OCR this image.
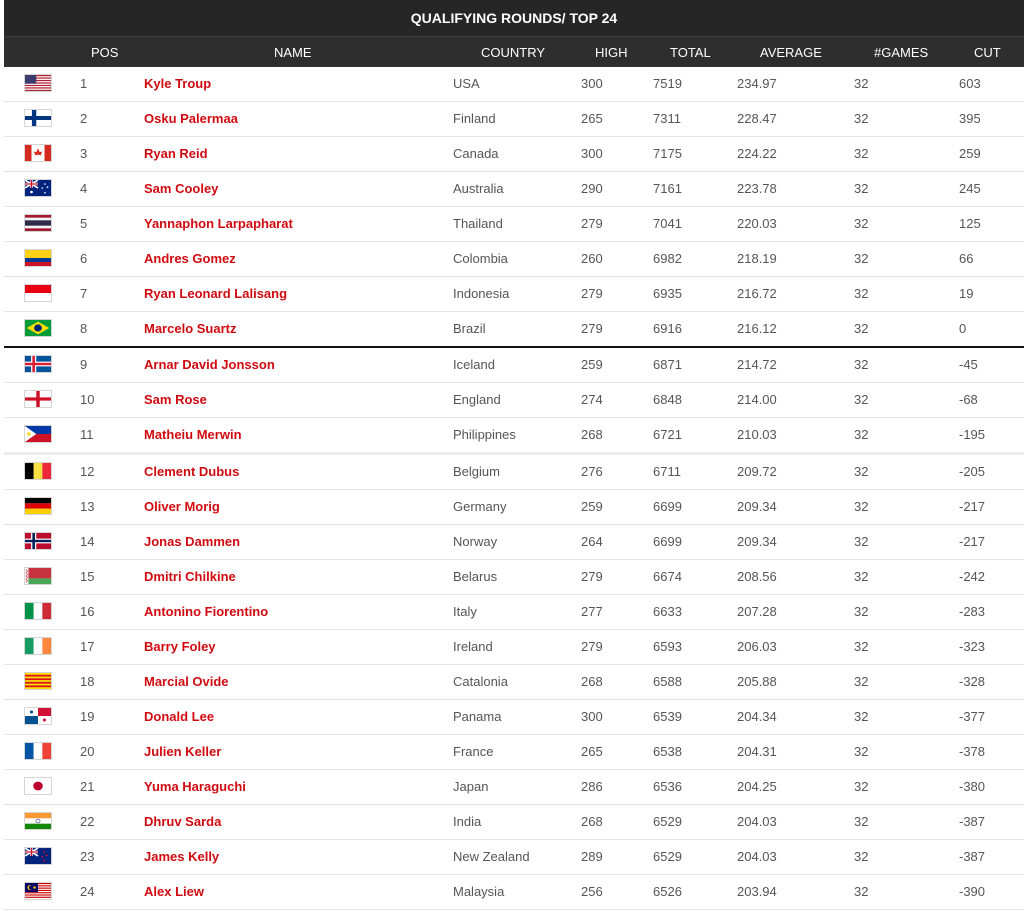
QUALIFYING ROUNDS/ TOP 24
POS	NAME	COUNTRY	HIGH	TOTAL	AVERAGE	#GAMES	CUT
1	Kyle Troup	USA	300	7519	234.97	32	603
2	Osku Palermaa	Finland	265	7311	228.47	32	395
3	Ryan Reid	Canada	300	7175	224.22	32	259
4	Sam Cooley	Australia	290	7161	223.78	32	245
5	Yannaphon Larpapharat	Thailand	279	7041	220.03	32	125
6	Andres Gomez	Colombia	260	6982	218.19	32	66
7	Ryan Leonard Lalisang	Indonesia	279	6935	216.72	32	19
8	Marcelo Suartz	Brazil	279	6916	216.12	32	0
9	Arnar David Jonsson	Iceland	259	6871	214.72	32	-45
10	Sam Rose	England	274	6848	214.00	32	-68
11	Matheiu Merwin	Philippines	268	6721	210.03	32	-195
12	Clement Dubus	Belgium	276	6711	209.72	32	-205
13	Oliver Morig	Germany	259	6699	209.34	32	-217
14	Jonas Dammen	Norway	264	6699	209.34	32	-217
15	Dmitri Chilkine	Belarus	279	6674	208.56	32	-242
16	Antonino Fiorentino	Italy	277	6633	207.28	32	-283
17	Barry Foley	Ireland	279	6593	206.03	32	-323
18	Marcial Ovide	Catalonia	268	6588	205.88	32	-328
19	Donald Lee	Panama	300	6539	204.34	32	-377
20	Julien Keller	France	265	6538	204.31	32	-378
21	Yuma Haraguchi	Japan	286	6536	204.25	32	-380
22	Dhruv Sarda	India	268	6529	204.03	32	-387
23	James Kelly	New Zealand	289	6529	204.03	32	-387
24	Alex Liew	Malaysia	256	6526	203.94	32	-390
